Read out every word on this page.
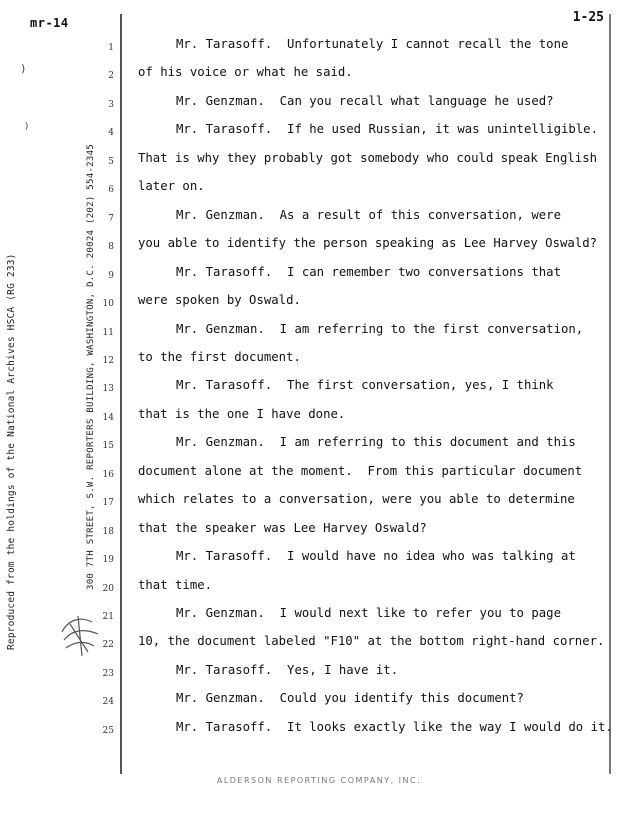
mr-14	1-25
Reproduced from the holdings of the National Archives HSCA (RG 233)	300 7TH STREET, S.W. REPORTERS BUILDING, WASHINGTON, D.C. 20024 (202) 554-2345
)
)
1
2
3
4
5
6
7
8
9
10
11
12
13
14
15
16
17
18
19
20
21
22
23
24
25
Mr. Tarasoff.  Unfortunately I cannot recall the tone
of his voice or what he said.
Mr. Genzman.  Can you recall what language he used?
Mr. Tarasoff.  If he used Russian, it was unintelligible.
That is why they probably got somebody who could speak English
later on.
Mr. Genzman.  As a result of this conversation, were
you able to identify the person speaking as Lee Harvey Oswald?
Mr. Tarasoff.  I can remember two conversations that
were spoken by Oswald.
Mr. Genzman.  I am referring to the first conversation,
to the first document.
Mr. Tarasoff.  The first conversation, yes, I think
that is the one I have done.
Mr. Genzman.  I am referring to this document and this
document alone at the moment.  From this particular document
which relates to a conversation, were you able to determine
that the speaker was Lee Harvey Oswald?
Mr. Tarasoff.  I would have no idea who was talking at
that time.
Mr. Genzman.  I would next like to refer you to page
10, the document labeled "F10" at the bottom right-hand corner.
Mr. Tarasoff.  Yes, I have it.
Mr. Genzman.  Could you identify this document?
Mr. Tarasoff.  It looks exactly like the way I would do it.
ALDERSON REPORTING COMPANY, INC.
